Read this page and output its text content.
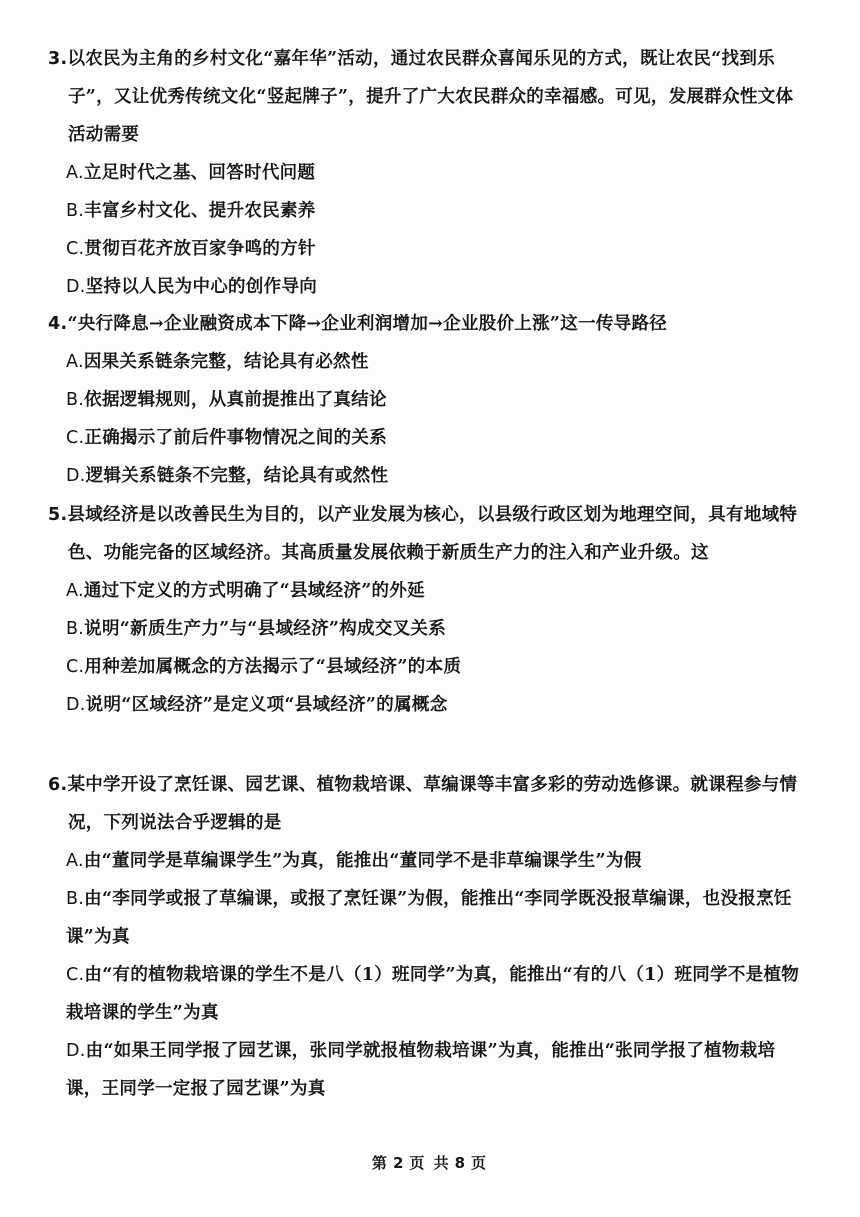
3.以农民为主角的乡村文化“嘉年华”活动，通过农民群众喜闻乐见的方式，既让农民“找到乐子”，又让优秀传统文化“竖起牌子”，提升了广大农民群众的幸福感。可见，发展群众性文体活动需要

A.立足时代之基、回答时代问题

B.丰富乡村文化、提升农民素养

C.贯彻百花齐放百家争鸣的方针

D.坚持以人民为中心的创作导向

4.“央行降息→企业融资成本下降→企业利润增加→企业股价上涨”这一传导路径

A.因果关系链条完整，结论具有必然性

B.依据逻辑规则，从真前提推出了真结论

C.正确揭示了前后件事物情况之间的关系

D.逻辑关系链条不完整，结论具有或然性

5.县域经济是以改善民生为目的，以产业发展为核心，以县级行政区划为地理空间，具有地域特色、功能完备的区域经济。其高质量发展依赖于新质生产力的注入和产业升级。这

A.通过下定义的方式明确了“县域经济”的外延

B.说明“新质生产力”与“县域经济”构成交叉关系

C.用种差加属概念的方法揭示了“县域经济”的本质

D.说明“区域经济”是定义项“县域经济”的属概念

6.某中学开设了烹饪课、园艺课、植物栽培课、草编课等丰富多彩的劳动选修课。就课程参与情况，下列说法合乎逻辑的是

A.由“董同学是草编课学生”为真，能推出“董同学不是非草编课学生”为假

B.由“李同学或报了草编课，或报了烹饪课”为假，能推出“李同学既没报草编课，也没报烹饪课”为真

C.由“有的植物栽培课的学生不是八（1）班同学”为真，能推出“有的八（1）班同学不是植物栽培课的学生”为真

D.由“如果王同学报了园艺课，张同学就报植物栽培课”为真，能推出“张同学报了植物栽培课，王同学一定报了园艺课”为真

第 2 页 共 8 页
